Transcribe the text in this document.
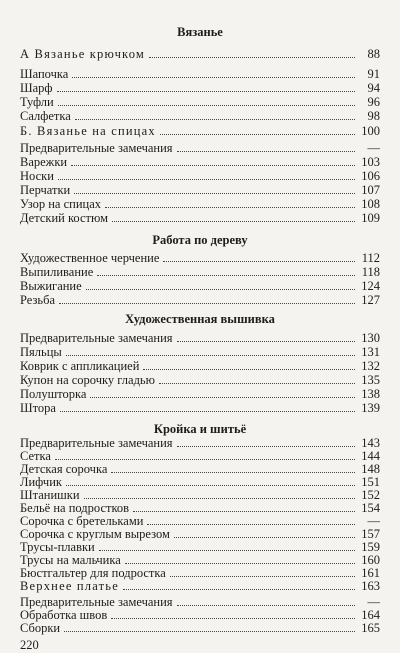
Вязанье
А Вязанье крючком	88
Шапочка	91
Шарф	94
Туфли	96
Салфетка	98
Б. Вязанье на спицах	100
Предварительные замечания	—
Варежки	103
Носки	106
Перчатки	107
Узор на спицах	108
Детский костюм	109
Работа по дереву
Художественное черчение	112
Выпиливание	118
Выжигание	124
Резьба	127
Художественная вышивка
Предварительные замечания	130
Пяльцы	131
Коврик с аппликацией	132
Купон на сорочку гладью	135
Полушторка	138
Штора	139
Кройка и шитьё
Предварительные замечания	143
Сетка	144
Детская сорочка	148
Лифчик	151
Штанишки	152
Бельё на подростков	154
Сорочка с бретельками	—
Сорочка с круглым вырезом	157
Трусы-плавки	159
Трусы на мальчика	160
Бюстгальтер для подростка	161
Верхнее платье	163
Предварительные замечания	—
Обработка швов	164
Сборки	165
220
